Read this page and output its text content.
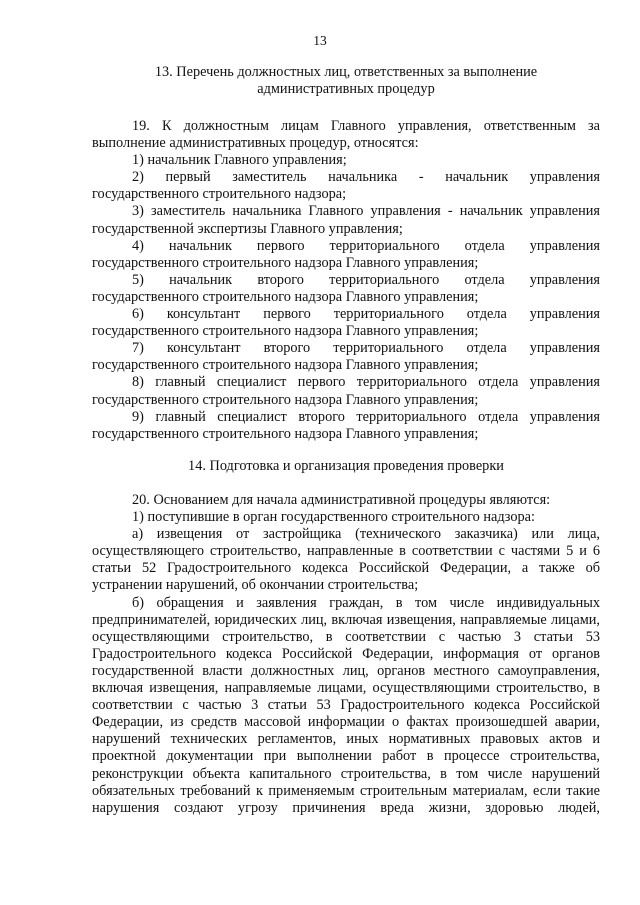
13
13. Перечень должностных лиц, ответственных за выполнение
административных процедур

19. К должностным лицам Главного управления, ответственным за выполнение административных процедур, относятся:

1) начальник Главного управления;

2) первый заместитель начальника - начальник управления государственного строительного надзора;

3) заместитель начальника Главного управления - начальник управления государственной экспертизы Главного управления;

4) начальник первого территориального отдела управления государственного строительного надзора Главного управления;

5) начальник второго территориального отдела управления государственного строительного надзора Главного управления;

6) консультант первого территориального отдела управления государственного строительного надзора Главного управления;

7) консультант второго территориального отдела управления государственного строительного надзора Главного управления;

8) главный специалист первого территориального отдела управления государственного строительного надзора Главного управления;

9) главный специалист второго территориального отдела управления государственного строительного надзора Главного управления;

14. Подготовка и организация проведения проверки

20. Основанием для начала административной процедуры являются:

1) поступившие в орган государственного строительного надзора:

а) извещения от застройщика (технического заказчика) или лица, осуществляющего строительство, направленные в соответствии с частями 5 и 6 статьи 52 Градостроительного кодекса Российской Федерации, а также об устранении нарушений, об окончании строительства;

б) обращения и заявления граждан, в том числе индивидуальных предпринимателей, юридических лиц, включая извещения, направляемые лицами, осуществляющими строительство, в соответствии с частью 3 статьи 53 Градостроительного кодекса Российской Федерации, информация от органов государственной власти должностных лиц, органов местного самоуправления, включая извещения, направляемые лицами, осуществляющими строительство, в соответствии с частью 3 статьи 53 Градостроительного кодекса Российской Федерации, из средств массовой информации о фактах произошедшей аварии, нарушений технических регламентов, иных нормативных правовых актов и проектной документации при выполнении работ в процессе строительства, реконструкции объекта капитального строительства, в том числе нарушений обязательных требований к применяемым строительным материалам, если такие нарушения создают угрозу причинения вреда жизни, здоровью людей,
